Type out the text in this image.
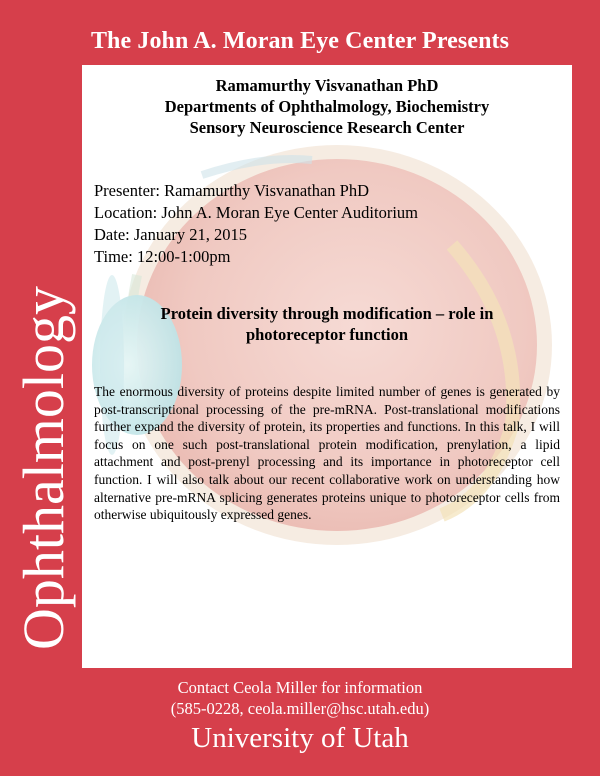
The John A. Moran Eye Center Presents
Ophthalmology
Ramamurthy Visvanathan PhD
Departments of Ophthalmology, Biochemistry
Sensory Neuroscience Research Center
Presenter: Ramamurthy Visvanathan PhD
Location: John A. Moran Eye Center Auditorium
Date: January 21, 2015
Time: 12:00-1:00pm
Protein diversity through modification – role in
photoreceptor function
The enormous diversity of proteins despite limited number of genes is generated by post-transcriptional processing of the pre-mRNA. Post-translational modifications further expand the diversity of protein, its properties and functions. In this talk, I will focus on one such post-translational protein modification, prenylation, a lipid attachment and post-prenyl processing and its importance in photoreceptor cell function. I will also talk about our recent collaborative work on understanding how alternative pre-mRNA splicing generates proteins unique to photoreceptor cells from otherwise ubiquitously expressed genes.
Contact Ceola Miller for information
(585-0228, ceola.miller@hsc.utah.edu)
University of Utah
